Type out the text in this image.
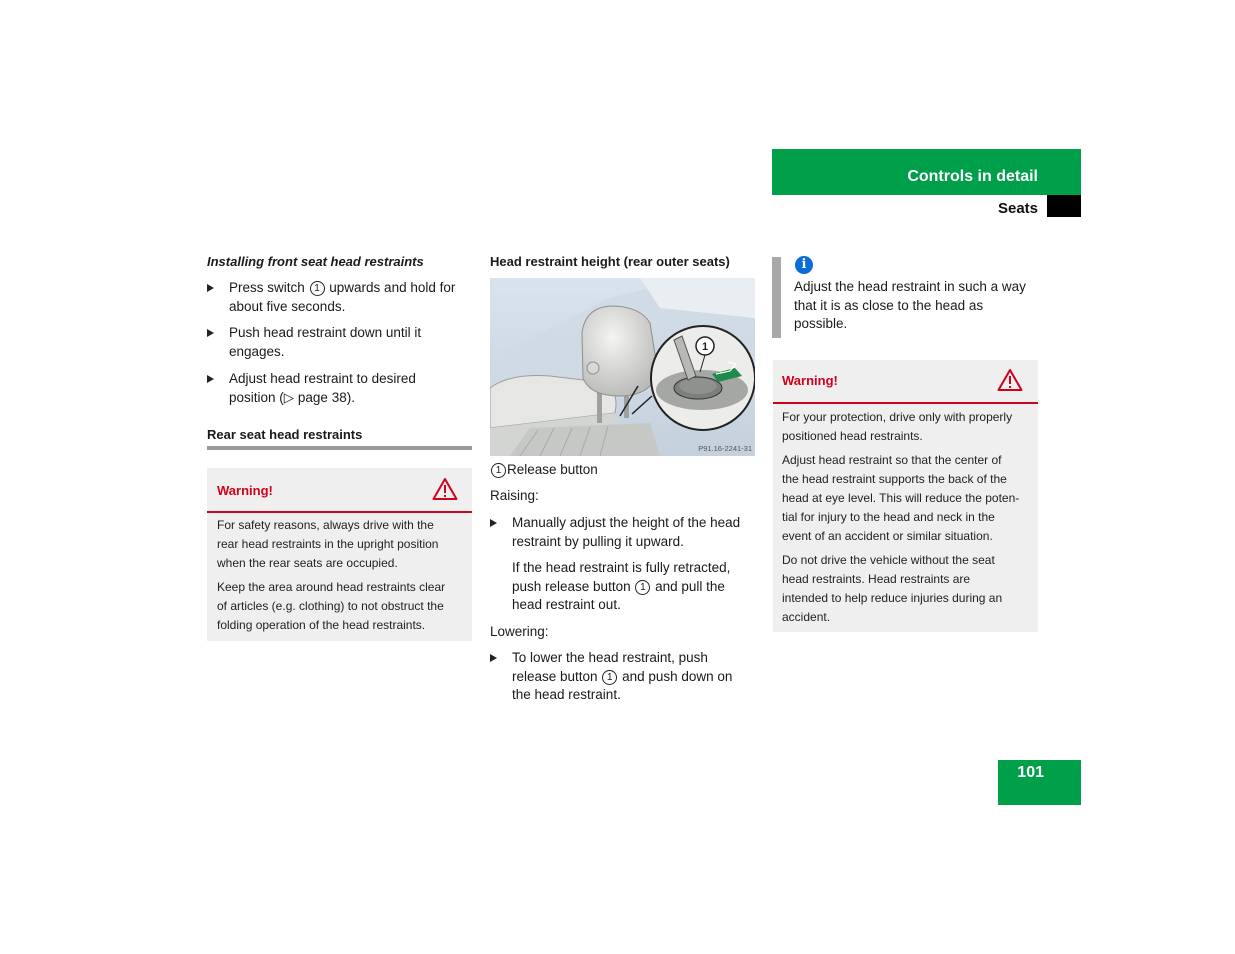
Controls in detail
Seats
Installing front seat head restraints
Press switch 1 upwards and hold for
about five seconds.
Push head restraint down until it
engages.
Adjust head restraint to desired
position (▷ page 38).
Rear seat head restraints
Warning!
For safety reasons, always drive with the
rear head restraints in the upright position
when the rear seats are occupied.
Keep the area around head restraints clear
of articles (e.g. clothing) to not obstruct the
folding operation of the head restraints.
Head restraint height (rear outer seats)
1
P91.16-2241-31
1 Release button
Raising:
Manually adjust the height of the head
restraint by pulling it upward.
If the head restraint is fully retracted,
push release button 1 and pull the
head restraint out.
Lowering:
To lower the head restraint, push
release button 1 and push down on
the head restraint.
i
Adjust the head restraint in such a way
that it is as close to the head as
possible.
Warning!
For your protection, drive only with properly
positioned head restraints.
Adjust head restraint so that the center of
the head restraint supports the back of the
head at eye level. This will reduce the poten-
tial for injury to the head and neck in the
event of an accident or similar situation.
Do not drive the vehicle without the seat
head restraints. Head restraints are
intended to help reduce injuries during an
accident.
101
